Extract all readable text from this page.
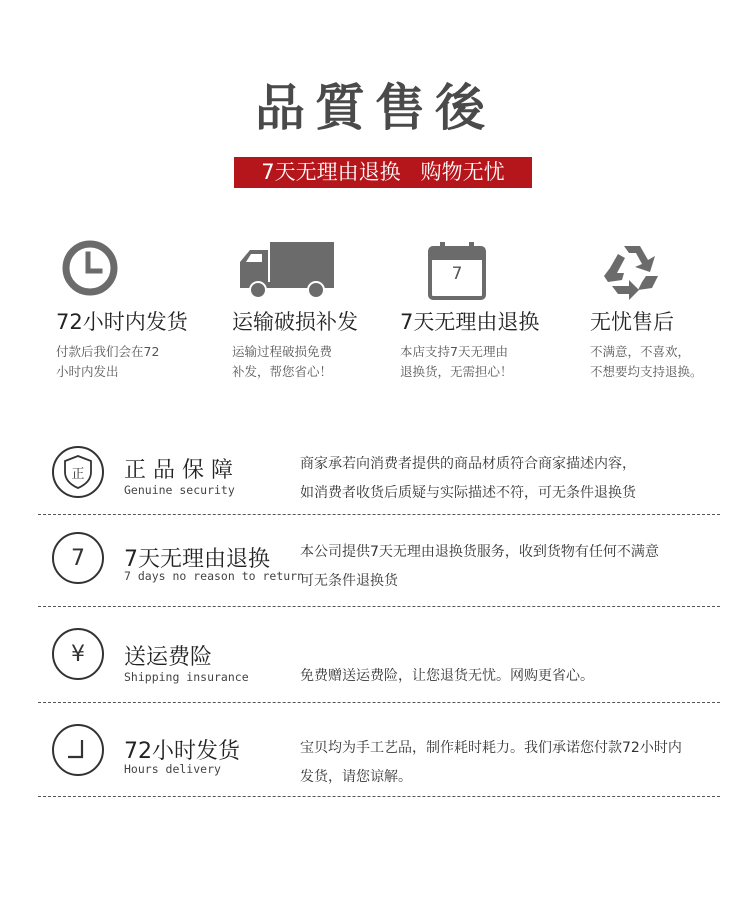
品質售後
7天无理由退换   购物无忧
72小时内发货
付款后我们会在72
小时内发出
运输破损补发
运输过程破损免费
补发，帮您省心！
7
7天无理由退换
本店支持7天无理由
退换货，无需担心！
无忧售后
不满意，不喜欢，
不想要均支持退换。
正 正 品 保 障
Genuine security
商家承若向消费者提供的商品材质符合商家描述内容，
如消费者收货后质疑与实际描述不符，可无条件退换货
7 7天无理由退换
7 days no reason to return
本公司提供7天无理由退换货服务，收到货物有任何不满意
可无条件退换货
¥ 送运费险
Shipping insurance	免费赠送运费险，让您退货无忧。网购更省心。
72小时发货
Hours delivery
宝贝均为手工艺品，制作耗时耗力。我们承诺您付款72小时内
发货，请您谅解。
